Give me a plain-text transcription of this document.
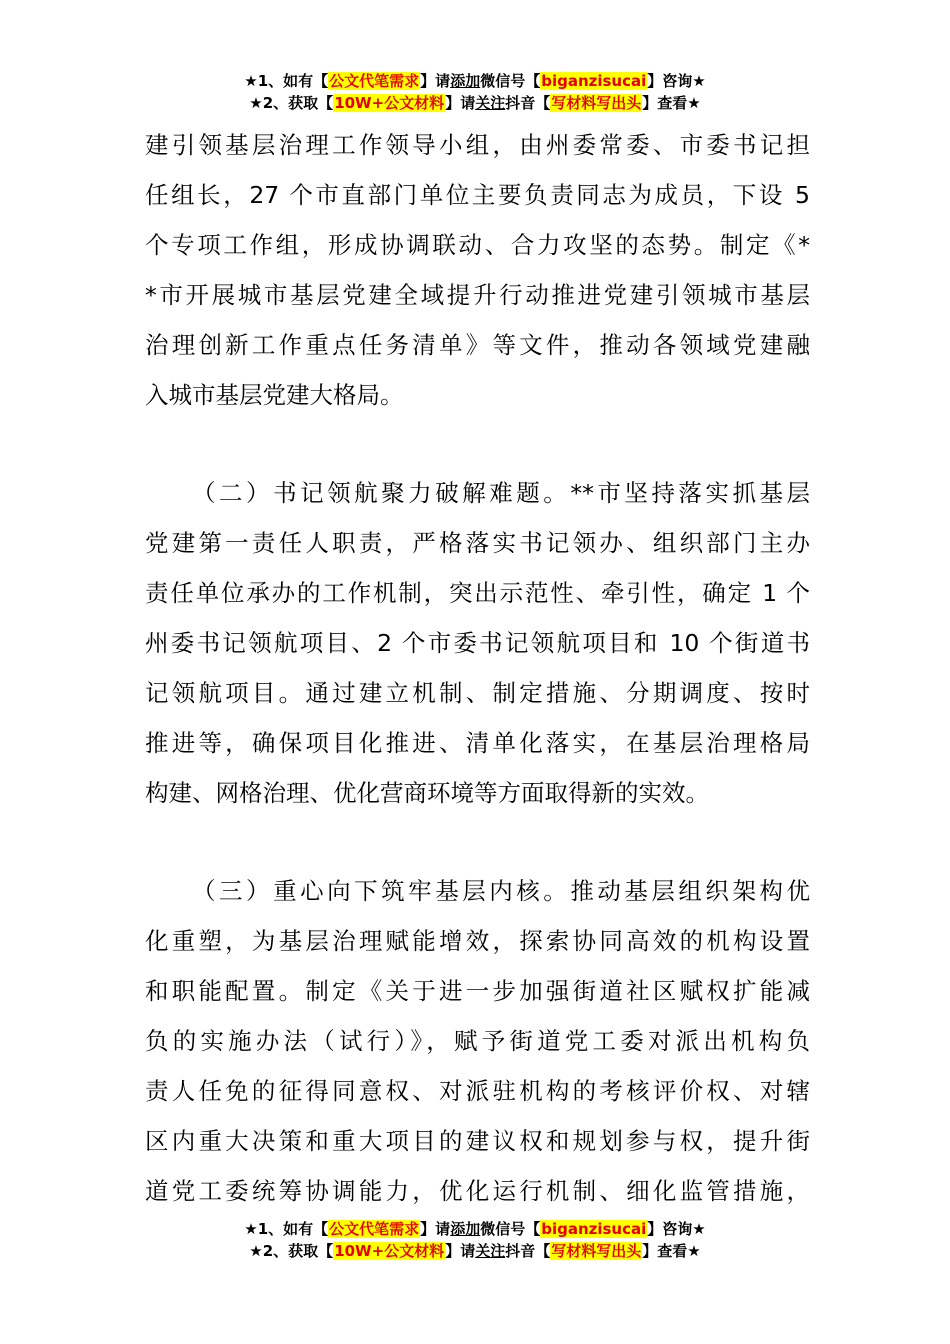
★1、如有【公文代笔需求】请添加微信号【biganzisucai】咨询★
★2、获取【10W+公文材料】请关注抖音【写材料写出头】查看★
建引领基层治理工作领导小组，由州委常委、市委书记担
任组长，27 个市直部门单位主要负责同志为成员，下设 5
个专项工作组，形成协调联动、合力攻坚的态势。制定《*
*市开展城市基层党建全域提升行动推进党建引领城市基层
治理创新工作重点任务清单》等文件，推动各领域党建融
入城市基层党建大格局。
（二）书记领航聚力破解难题。**市坚持落实抓基层
党建第一责任人职责，严格落实书记领办、组织部门主办
责任单位承办的工作机制，突出示范性、牵引性，确定 1 个
州委书记领航项目、2 个市委书记领航项目和 10 个街道书
记领航项目。通过建立机制、制定措施、分期调度、按时
推进等，确保项目化推进、清单化落实，在基层治理格局
构建、网格治理、优化营商环境等方面取得新的实效。
（三）重心向下筑牢基层内核。推动基层组织架构优
化重塑，为基层治理赋能增效，探索协同高效的机构设置
和职能配置。制定《关于进一步加强街道社区赋权扩能减
负的实施办法（试行）》，赋予街道党工委对派出机构负
责人任免的征得同意权、对派驻机构的考核评价权、对辖
区内重大决策和重大项目的建议权和规划参与权，提升街
道党工委统筹协调能力，优化运行机制、细化监管措施，
★1、如有【公文代笔需求】请添加微信号【biganzisucai】咨询★
★2、获取【10W+公文材料】请关注抖音【写材料写出头】查看★
